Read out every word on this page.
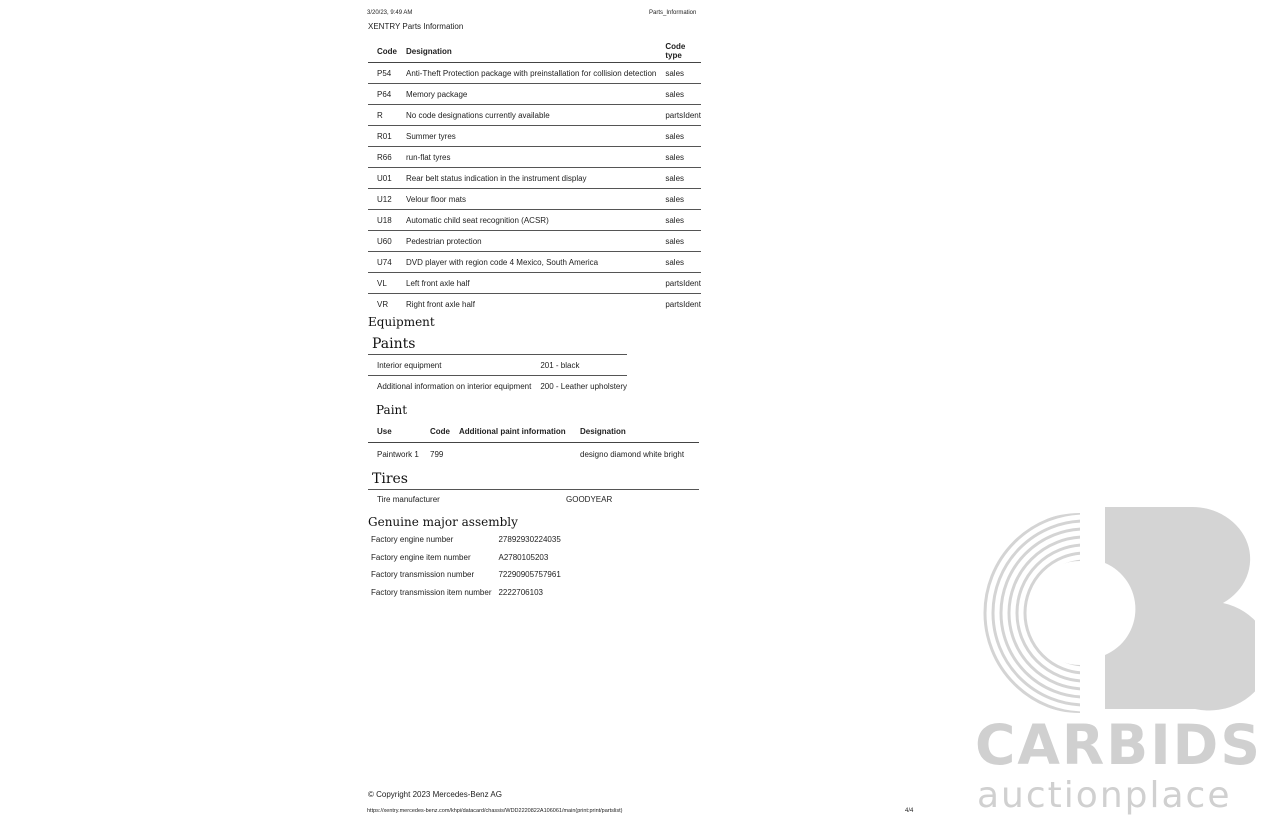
3/20/23, 9:49 AM	Parts_Information
XENTRY Parts Information
Code	Designation	Code type
P54	Anti-Theft Protection package with preinstallation for collision detection	sales
P64	Memory package	sales
R	No code designations currently available	partsIdent
R01	Summer tyres	sales
R66	run-flat tyres	sales
U01	Rear belt status indication in the instrument display	sales
U12	Velour floor mats	sales
U18	Automatic child seat recognition (ACSR)	sales
U60	Pedestrian protection	sales
U74	DVD player with region code 4 Mexico, South America	sales
VL	Left front axle half	partsIdent
VR	Right front axle half	partsIdent
Equipment
Paints
Interior equipment	201 - black
Additional information on interior equipment	200 - Leather upholstery
Paint
Use	Code	Additional paint information	Designation
Paintwork 1	799		designo diamond white bright
Tires
Tire manufacturer	GOODYEAR
Genuine major assembly
Factory engine number	27892930224035
Factory engine item number	A2780105203
Factory transmission number	72290905757961
Factory transmission item number	2222706103
© Copyright 2023 Mercedes-Benz AG
https://xentry.mercedes-benz.com/khpi/datacard/chassis/WDD2220822A106061/main(print:print/partslist)	4/4
CARBIDS
auctionplace
